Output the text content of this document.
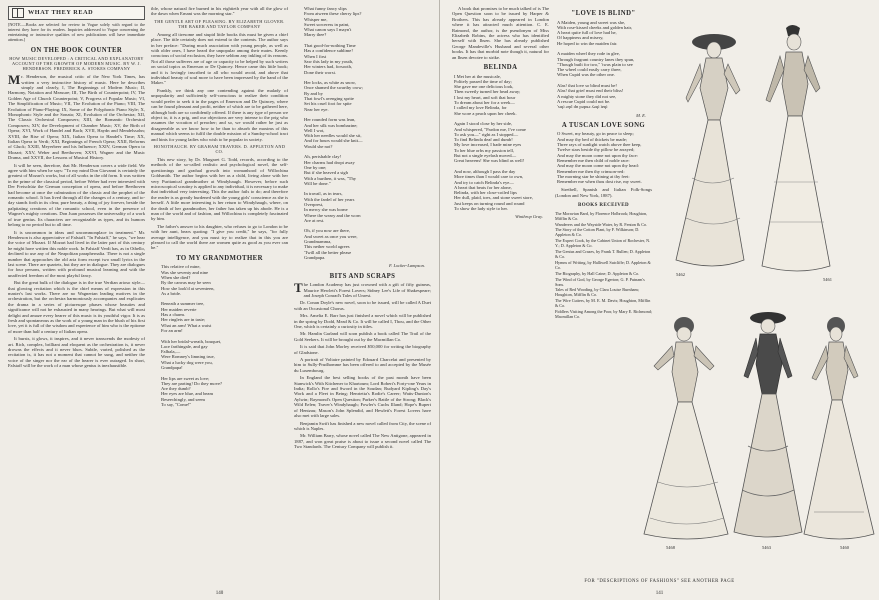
WHAT THEY READ

[NOTE.—Books are selected for review in Vogue solely with regard to the interest they have for its readers. Inquiries addressed to Vogue concerning the entertaining or instructive qualities of new publications will have immediate attention.]

ON THE BOOK COUNTER
HOW MUSIC DEVELOPED : A CRITICAL AND EXPLANATORY ACCOUNT OF THE GROWTH OF MODERN MUSIC. BY W. J. HENDERSON. FREDERICK A. STOKES COMPANY

Mr. Henderson, the musical critic of the New York Times, has written a very instructive history of music. Here he describes simply and clearly, I, The Beginnings of Modern Music; II, Harmony, Notation and Measure; III, The Birth of Counterpoint; IV, The Golden Age of Church Counterpoint; V, Progress of Popular Music; VI, The Simplification of Music; VII, The Evolution of the Piano; VIII, The Evolution of Piano-Playing; IX, Some of the Polyphonic Piano Style; X, Monophonic Style and the Sonata; XI, Evolution of the Orchestra; XII, The Classic Orchestral Composers; XIII, the Romantic Orchestral Composers; XIV, the Development of Chamber Music; XV, the Birth of Opera; XVI, Work of Handel and Bach; XVII, Haydn and Mendelssohn; XVIII, the Rise of Opera; XIX, Italian Opera to Handel's Time; XX, Italian Opera to Verdi; XXI, Beginnings of French Opera; XXII, Reforms of Gluck; XXIII, Meyerbeer and his Influence; XXIV, German Opera to Mozart; XXV, Weber and Beethoven; XXVI, Wagner and the Music Drama, and XXVII, the Lessons of Musical History.

It will be seen, therefore, that Mr. Henderson covers a wide field. We agree with him when he says: "To my mind Don Giovanni is certainly the greatest of Mozart's works, but of all works in the old form. It was written in the prime of the classical period, before Weber had ever interested with Der Freischütz the German conception of opera, and before Beethoven had become at once the culmination of the classic and the prophet of the romantic school. It has lived through all the changes of a century, and to-day stands forth in its clear, pure beauty, a thing of joy forever, beside the palpitating creations of the romantic school, even in the presence of Wagner's mighty creations. Don Juan possesses the universality of a work of true genius. Its characters are recognizable as types, and its humors belong to no period but to all time.

It is uncommon in ideas and uncommonplace in treatment." Mr. Henderson is also appreciative of Falstaff. "In Falstaff," he says, "we hear the voice of Mozart. If Mozart had lived in the latter part of this century he might have written this noble work. In Falstaff Verdi has, as in Othello, declined to use any of the Neapolitan paraphernalia. There is not a single number that approaches the old aria form except two small lyrics in the last scene. There are quartets, but they are in dialogue. They are dialogues for four persons, written with profound musical learning and with the unaffected freedom of the most playful fancy.

But the great bulk of the dialogue is in the true Verdian arioso style—that glowing recitation which is the chief means of expression in this master's last works. There are no Wagnerian leading motives in the orchestration, but the orchestra harmoniously accompanies and explicates the drama in a series of picturesque phases whose beauties and significance will not be exhausted in many hearings. But what will most delight and amaze every hearer of this music is its youthful vigor. It is as fresh and spontaneous as the work of a young man in the blush of his first love, yet it is full of the wisdom and experience of him who is the epitome of more than half a century of Italian opera.

It bursts, it glows, it inspires, and it never transcends the modesty of art. Rich, complex, brilliant and eloquent as the orchestration is, it never drowns the effects and it never blurs. Subtle, varied, polished as the recitation is, it has not a moment that cannot be sung, and neither the voice of the singer nor the ear of the hearer is ever outraged. In short, Falstaff will be the work of a man whose genius is inexhaustible.

ible, whose natural fire burned in his eightieth year with all the glow of the dawn when Ernani was the morning star."

THE GENTLE ART OF PLEASING. BY ELIZABETH GLOVER. THE BAKER AND TAYLOR COMPANY

Among all tiresome and stupid little books this must be given a chief place. The title certainly does not extend to the contents. The author says in her preface: "During much association with young people, as well as with older ones, I have heard the unpopular among their mates. Keenly conscious of social exclusion, they have seldom any inkling of its reasons. Not all those sufferers are of age or capacity to be helped by such writers on social topics as Emerson or De Quincey. Hence came this little book; and it is lovingly inscribed to all who would avoid, and above that individual beauty of soul more to have been impressed by the hand of the Maker."

Frankly, we think any one contending against the malady of unpopularity and sufficiently self-conscious to realize their condition would prefer to seek it in the pages of Emerson and De Quincey, where can be found pleasant and profit, neither of which are to be gathered here, although both are so confidently offered. If there is any type of person we object to, it is a prig, and our objections are very intense to the prig who assumes the vocation of preacher; and so, we would rather be just as disagreeable as we know how to be than to absorb the maxims of this manual which seems to fulfil the double mission of a Sunday-school tract and hints for young ladies who wish to be popular in society.

HONOTHAUCH. BY GRAHAM TRAVERS. D. APPLETON AND CO.

This new story, by Dr. Margaret G. Todd, records, according to the methods of the so-called realistic and psychological novel, the self-questionings and gradual growth into womanhood of Willochina Goldsmith. The author begins with her as a child, living alone with her very Puritanical grandmother at Windyhaugh. However, before such microscopical scrutiny is applied to any individual, it is necessary to make that individual very interesting. This the author fails to do; and therefore the reader is as greatly burdened with the young girls' conscience as she is herself. A little more interesting is her return to Windyhaugh, where, on the death of her grandmother, her father has taken up his abode. He is a man of the world and of fashion, and Willochina is completely fascinated by him.

The father's answer to his daughter, who refuses to go to London to be with her aunt, bears quoting: "I give you credit," he says, "for fully average intelligence, and you must try to realize that in this you are pleased to call the world there are women quite as good as you ever can be."

TO MY GRANDMOTHER
This relative of mine,
Was she seventy and nine
When she died?
By the canvas may be seen
How she look'd at seventeen,
As a bride.

Beneath a summer tree,
Her maiden reverie
Has a charm.
Her ringlets are in taste;
What an arm! What a waist
For an arm!

With her bridal-wreath, bouquet,
Lace farthingale, and gay
Falbala,—
Were Romney's limning true,
What a lucky dog were you,
Grandpapa!

Her lips are sweet as love;
They are parting! Do they move?
Are they dumb?
Her eyes are blue, and beam
Beseechingly, and seem
To say, "Come!"
What funny fancy slips
From atween these cherry lips?
Whisper me,
Sweet sorceress in paint,
What canon says I mayn't
Marry thee?

That good-for-nothing Time
Has a confidence sublime!
When I first
Saw this lady in my youth,
Her winters had, forsooth,
Done their worst.

Her locks, as white as snow,
Once shamed the swarthy crow;
By and by
That fowl's avenging sprite
Set his cruel foot for spite
Near her eye.

Her rounded form was lean,
And her silk was bombazine;
Well I wot,
With her needles would she sit,
And for hours would she knit—
Would she not?

Ah, perishable clay!
Her charms had dropt away
One by one;
But if she heaved a sigh
With a burthen, it was, "Thy
Will be done."

In travail, as in tears,
With the fardel of her years
Overprest,
In mercy she was borne
Where the weary and the worn
Are at rest.

Oh, if you now are there,
And sweet as once you were,
Grandmamma,
This nether world agrees
'Twill all the better please
Grandpapa.
F. Locker-Lampson.
BITS AND SCRAPS

The London Academy has just crowned with a gift of fifty guineas, Maurice Hewlett's Forest Lovers; Sidney Lee's Life of Shakespeare; and Joseph Conrad's Tales of Unrest.

Dr. Conan Doyle's new novel, soon to be issued, will be called A Duet with an Occasional Chorus.

Mrs. Amelia E. Barr has just finished a novel which will be published in the spring by Dodd, Mead & Co. It will be called I, Thou, and the Other One, which is certainly a curiosity in titles.

Mr. Hamlin Garland will soon publish a book called The Trail of the Gold Seekers. It will be brought out by the Macmillan Co.

It is said that John Morley received $50,000 for writing the biography of Gladstone.

A portrait of Voltaire painted by Edouard Charcelat and presented by him to Sully-Prudhomme has been offered to and accepted by the Musée du Luxembourg.

In England the best selling books of the past month have been Stanwick's With Kitchener to Khartoum; Lord Robert's Forty-one Years in India; Rollo's Fire and Sword in the Soudan; Rudyard Kipling's Day's Work and a Fleet in Being; Henrietta's Rodie's Career; Watts-Dunton's Aylwin; Raymond's Open Question; Parker's Battle of the Strong; Black's Wild Eelen; Traver's Windyhaugh; Fowler's Cuchs Illand; Hope's Rupert of Hentzau; Mason's John Splendid, and Hewlett's Forest Lovers have also met with large sales.

Benjamin Swift has finished a new novel called from City, the scene of which is Naples.

Mr. William Barry, whose novel called The New Antigone, appeared in 1887, and won great praise is about to issue a second novel called The Two Standards. The Century Company will publish it.

140

A book that promises to be much talked of is The Open Question soon to be issued by Harper & Brothers. This has already appeared in London where it has attracted much attention. C. E. Raimond, the author, is the pseudonym of Miss Elizabeth Robins, the actress who has identified herself with Ibsen. She has already published George Mandeville's Husband and several other books. It has that morbid note though it, natural for an Ibsen devotee to strike.

BELINDA
I Met her at the musicale,
Politely passed the time of day;
She gave me one delicious look,
Then sweetly turned her head away;
I lost my heart, and soft that hour
To dream about her for a week—
I called my love Belinda, for
She wore a peach upon her cheek.

Again I stood close by her side,
And whispered, "Pardon me, I've come
To ask you—" right as I stopped—
To find Belinda deaf and dumb!
My love increased, I bade mine eyes
To her blue orbs my passion tell,
But not a single eyelash moved—
Great heavens! She was blind as well!

And now, although I pass the day
More times than I would care to own,
And try to catch Belinda's eye—
A heart that beats for her alone,
Belinda, with her close-coiled lips
Her dull, plaid, toes, and stone sweet store,
Just keeps on turning round and round
To show the lady style to her.
Winthrop Gray.
"LOVE IS BLIND"
A Maiden, young and sweet was she,
With rose-kissed cheeks and golden hair,
A heart quite full of love had he,
Of happiness and misery,
He hoped to win the maiden fair.

A maiden wheel they rode in glee,
Through fragrant country lanes they spun,
"Though built for two," 'twas plain to see
The wheel could easily carry three,
When Cupid was the other one.

Alas! that love so blind must be!
Alas! that grief must end their bliss!
A mighty stone they did not see,
A rescue Cupid could not be.
'sıɥʇ ǝʞıl dn pǝpuǝ ʎǝɥʇ ʇɐɥʇ
M. E.
A TUSCAN LOVE SONG
O Sweet, my beauty, go in peace to sleep;
And may thy bed of thickets be made;
Three rays of sunlight watch above thee keep,
Twelve stars beside thy pillow be arrayed;
And may the moon come not upon thy face:
Remember me then child of noble race:
And may the moon come not upon thy head:
Remember me then thy crimson-red:
The morning star be shining at thy feet:
Remember me when thou dost rise, my sweet.

Stretbell, Spanish and Italian Folk-Songs (London and New York, 1887).

BOOKS RECEIVED
The Moravian Bard, by Florence Holbrook; Houghton, Mifflin & Co.
Wanderers and the Wayside Water, by R. Fenton & Co.
The Story of the Cotton Plant, by F. Wilkinson; D. Appleton & Co.
The Expert Cook, by the Cabinet Union of Rochester, N. Y.; D. Appleton & Co.
The Genius and Crazes, by Frank T. Bullen; D. Appleton & Co.
Hymns of Writing, by Halliwell Sutcliffe; D. Appleton & Co.
The Biography, by Hall Caine; D. Appleton & Co.
The Wind of God, by George Egerton; G. P. Putnam's Sons.
Tales of Red Wooding, by Clara Louise Burnham; Houghton, Mifflin & Co.
The Wire Cutters, by M. E. M. Davis; Houghton, Mifflin & Co.
Fiddlers Visiting Among the Poor, by Mary E. Richmond; Macmillan Co.
5462
5461
5468	5463	5460
FOR "DESCRIPTIONS OF FASHIONS" SEE ANOTHER PAGE
141
